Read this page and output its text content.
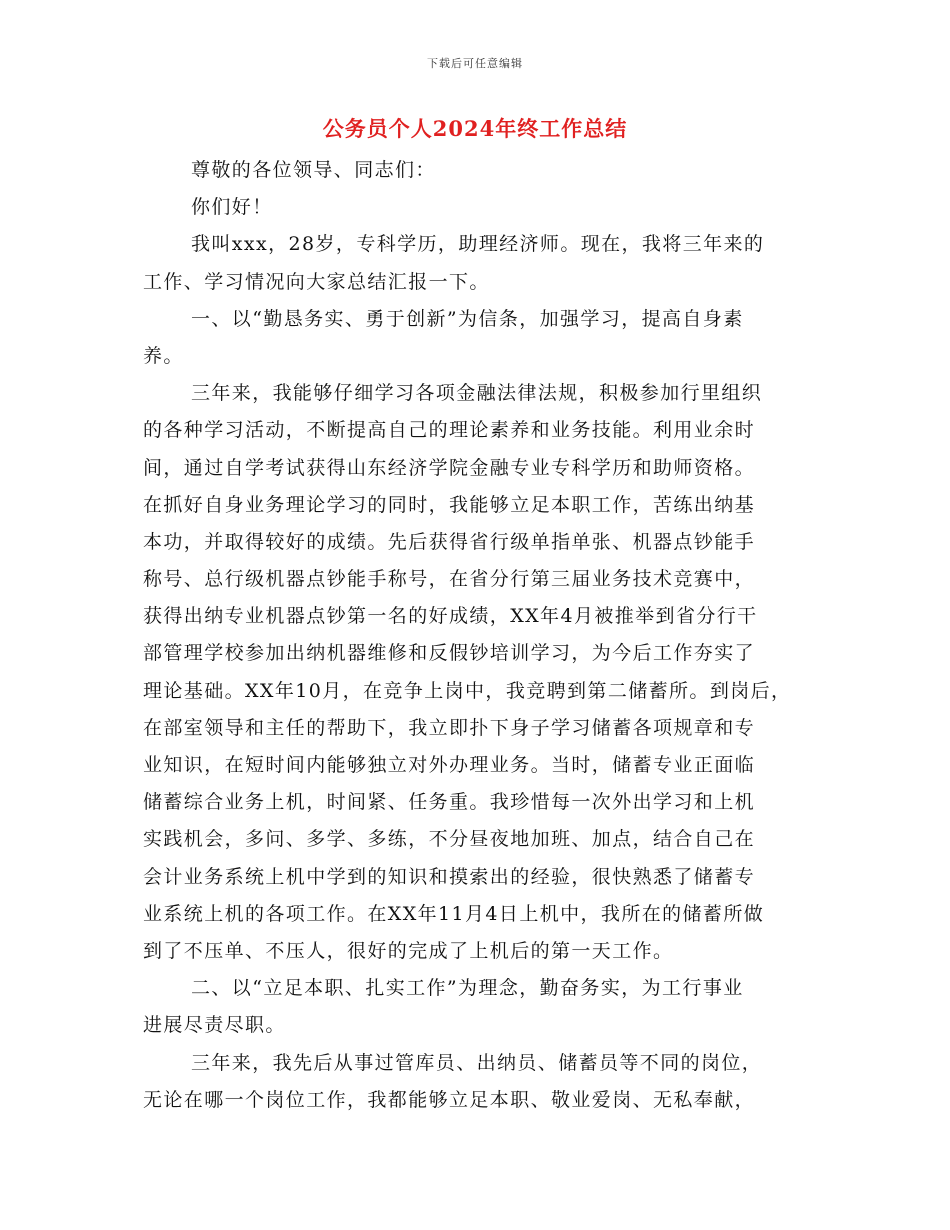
下载后可任意编辑
公务员个人2024年终工作总结
尊敬的各位领导、同志们：
你们好！
我叫xxx，28岁，专科学历，助理经济师。现在，我将三年来的
工作、学习情况向大家总结汇报一下。
一、以“勤恳务实、勇于创新”为信条，加强学习，提高自身素
养。
三年来，我能够仔细学习各项金融法律法规，积极参加行里组织
的各种学习活动，不断提高自己的理论素养和业务技能。利用业余时
间，通过自学考试获得山东经济学院金融专业专科学历和助师资格。
在抓好自身业务理论学习的同时，我能够立足本职工作，苦练出纳基
本功，并取得较好的成绩。先后获得省行级单指单张、机器点钞能手
称号、总行级机器点钞能手称号，在省分行第三届业务技术竞赛中，
获得出纳专业机器点钞第一名的好成绩，XX年4月被推举到省分行干
部管理学校参加出纳机器维修和反假钞培训学习，为今后工作夯实了
理论基础。XX年10月，在竞争上岗中，我竞聘到第二储蓄所。到岗后，
在部室领导和主任的帮助下，我立即扑下身子学习储蓄各项规章和专
业知识，在短时间内能够独立对外办理业务。当时，储蓄专业正面临
储蓄综合业务上机，时间紧、任务重。我珍惜每一次外出学习和上机
实践机会，多问、多学、多练，不分昼夜地加班、加点，结合自己在
会计业务系统上机中学到的知识和摸索出的经验，很快熟悉了储蓄专
业系统上机的各项工作。在XX年11月4日上机中，我所在的储蓄所做
到了不压单、不压人，很好的完成了上机后的第一天工作。
二、以“立足本职、扎实工作”为理念，勤奋务实，为工行事业
进展尽责尽职。
三年来，我先后从事过管库员、出纳员、储蓄员等不同的岗位，
无论在哪一个岗位工作，我都能够立足本职、敬业爱岗、无私奉献，
